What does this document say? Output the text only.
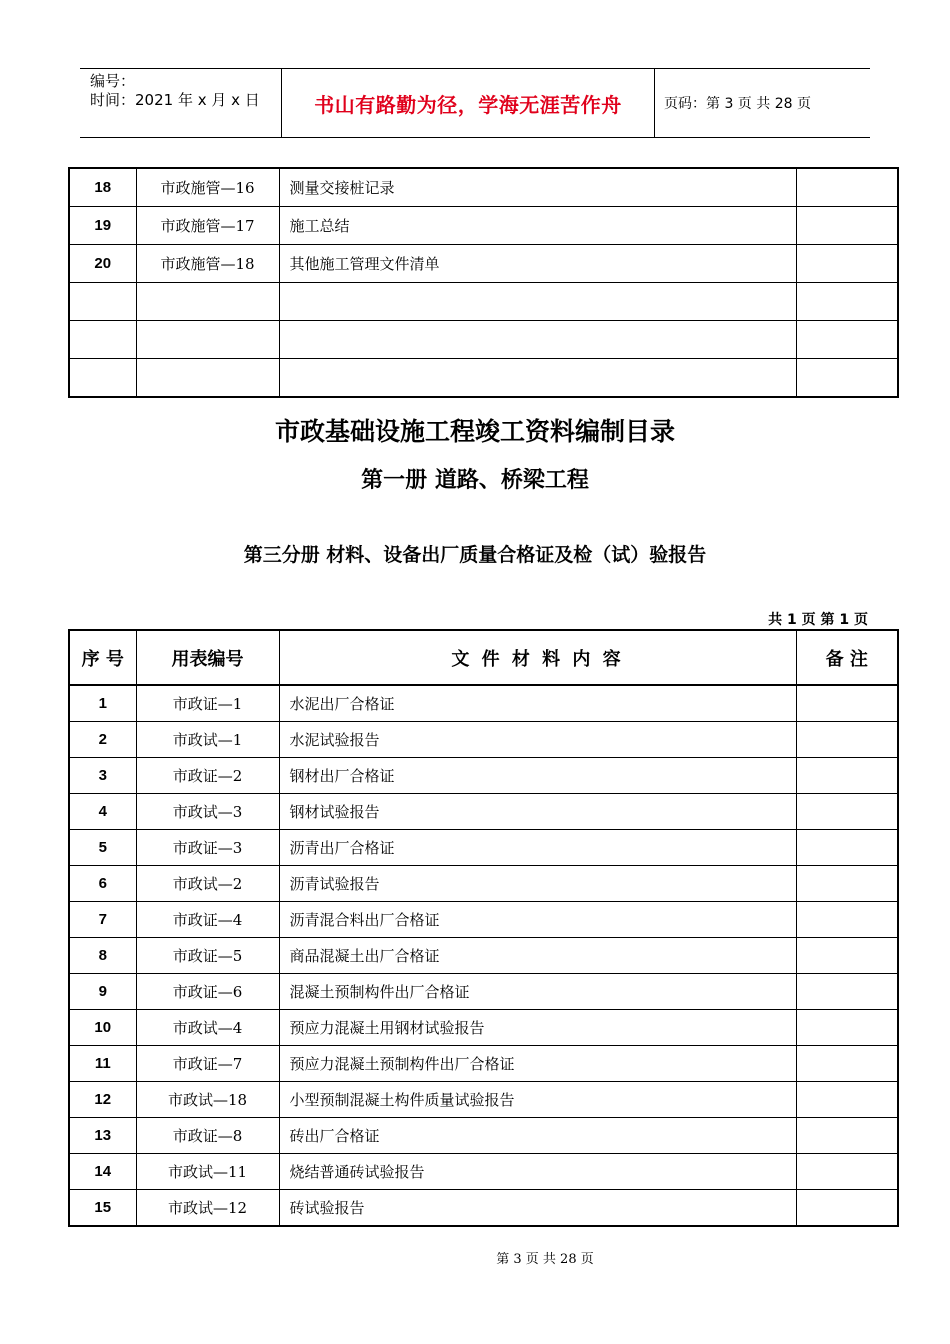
编号：
时间：2021 年 x 月 x 日	书山有路勤为径，学海无涯苦作舟	页码：第 3 页 共 28 页
18	市政施管—16	测量交接桩记录	
19	市政施管—17	施工总结	
20	市政施管—18	其他施工管理文件清单	

市政基础设施工程竣工资料编制目录
第一册 道路、桥梁工程
第三分册 材料、设备出厂质量合格证及检（试）验报告
共 1 页 第 1 页
序 号	用表编号	文 件 材 料 内 容	备 注
1	市政证—1	水泥出厂合格证	
2	市政试—1	水泥试验报告	
3	市政证—2	钢材出厂合格证	
4	市政试—3	钢材试验报告	
5	市政证—3	沥青出厂合格证	
6	市政试—2	沥青试验报告	
7	市政证—4	沥青混合料出厂合格证	
8	市政证—5	商品混凝土出厂合格证	
9	市政证—6	混凝土预制构件出厂合格证	
10	市政试—4	预应力混凝土用钢材试验报告	
11	市政证—7	预应力混凝土预制构件出厂合格证	
12	市政试—18	小型预制混凝土构件质量试验报告	
13	市政证—8	砖出厂合格证	
14	市政试—11	烧结普通砖试验报告	
15	市政试—12	砖试验报告	
第 3 页 共 28 页
